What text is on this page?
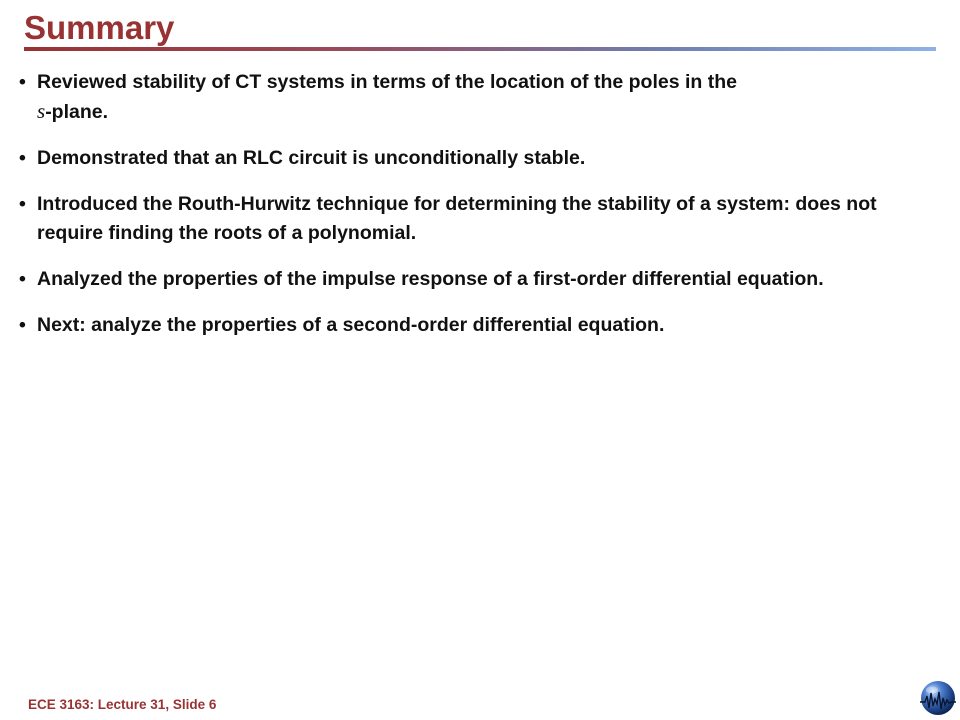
Summary
• Reviewed stability of CT systems in terms of the location of the poles in the
s-plane.
• Demonstrated that an RLC circuit is unconditionally stable.
• Introduced the Routh-Hurwitz technique for determining the stability of a system: does not require finding the roots of a polynomial.
• Analyzed the properties of the impulse response of a first-order differential equation.
• Next: analyze the properties of a second-order differential equation.
ECE 3163: Lecture 31, Slide 6
